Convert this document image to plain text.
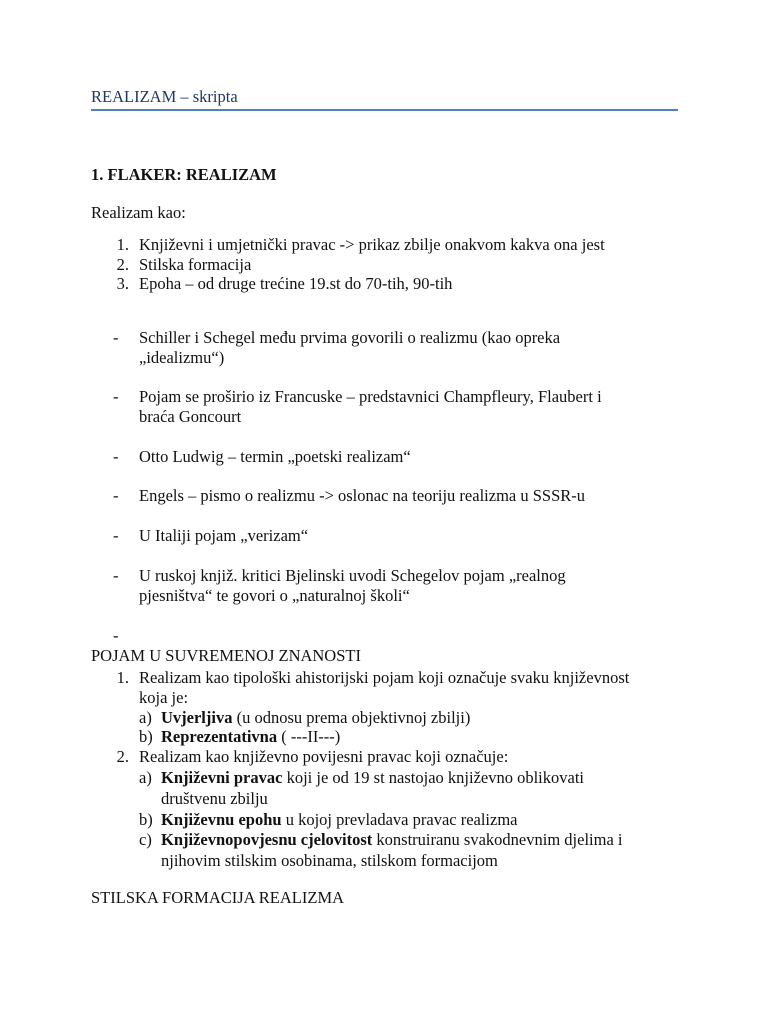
REALIZAM – skripta
1. FLAKER: REALIZAM
Realizam kao:
1. Književni i umjetnički pravac -> prikaz zbilje onakvom kakva ona jest
2. Stilska formacija
3. Epoha – od druge trećine 19.st do 70-tih, 90-tih
- Schiller i Schegel među prvima govorili o realizmu (kao opreka
„idealizmu“)
- Pojam se proširio iz Francuske – predstavnici Champfleury, Flaubert i
braća Goncourt
- Otto Ludwig – termin „poetski realizam“
- Engels – pismo o realizmu -> oslonac na teoriju realizma u SSSR-u
- U Italiji pojam „verizam“
- U ruskoj knjiž. kritici Bjelinski uvodi Schegelov pojam „realnog
pjesništva“ te govori o „naturalnoj školi“
-
POJAM U SUVREMENOJ ZNANOSTI
1. Realizam kao tipološki ahistorijski pojam koji označuje svaku književnost
koja je:
a) Uvjerljiva (u odnosu prema objektivnoj zbilji)
b) Reprezentativna ( ---II---)
2. Realizam kao književno povijesni pravac koji označuje:
a) Književni pravac koji je od 19 st nastojao književno oblikovati
društvenu zbilju
b) Književnu epohu u kojoj prevladava pravac realizma
c) Književnopovjesnu cjelovitost konstruiranu svakodnevnim djelima i
njihovim stilskim osobinama, stilskom formacijom
STILSKA FORMACIJA REALIZMA
